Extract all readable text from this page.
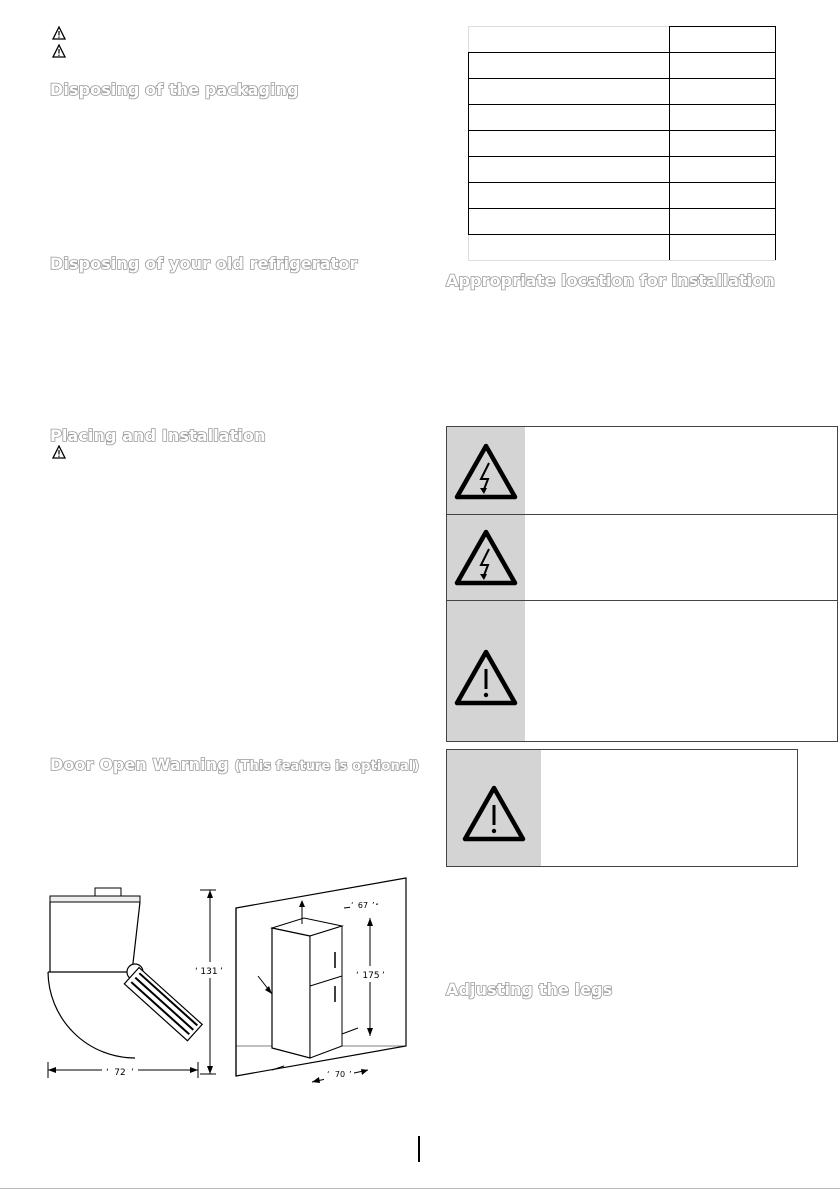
Disposing of the packaging
Disposing of your old refrigerator
Placing and Installation
Door Open Warning (This feature is optional)

Appropriate location for installation
Adjusting the legs
131
‘ ’
72
‘ ’
175
‘	’
67
‘ ’
70
‘ ’
